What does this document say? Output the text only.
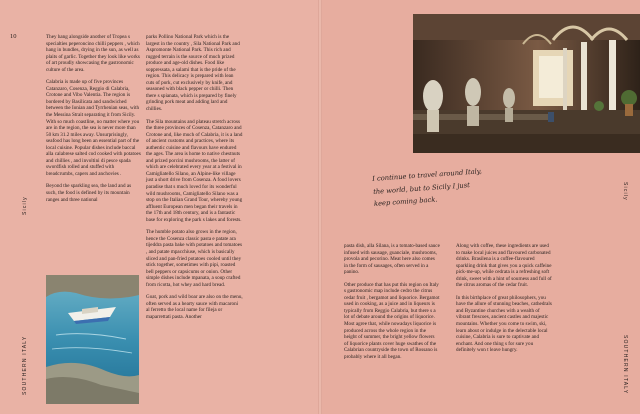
10
Sicily
SOUTHERN ITALY
Sicily
SOUTHERN ITALY

They hang alongside another of Tropea s specialties peperoncino chilli peppers , which hang in bundles, drying in the sun, as well as plaits of garlic. Together they look like works of art proudly showcasing the gastronomic culture of the area.

Calabria is made up of five provinces Catanzaro, Cosenza, Reggio di Calabria, Crotone and Vibo Valentia. The region is bordered by Basilicata and sandwiched between the Ionian and Tyrrhenian seas, with the Messina Strait separating it from Sicily. With so much coastline, no matter where you are in the region, the sea is never more than 50 km 31.2 miles away. Unsurprisingly, seafood has long been an essential part of the local cuisine. Popular dishes include baccal alla calabrese salted cod cooked with potatoes and chillies , and involtini di pesce spada swordfish rolled and stuffed with breadcrumbs, capers and anchovies .

Beyond the sparkling sea, the land and as such, the food is defined by its mountain ranges and three national

parks Pollino National Park which is the largest in the country , Sila National Park and Aspromonte National Park. This rich and rugged terrain is the source of much prized produce and age-old dishes. Food like soppressata, a salami that is the pride of the region. This delicacy is prepared with lean cuts of pork, cut exclusively by knife, and seasoned with black pepper or chilli. Then there s spianata, which is prepared by finely grinding pork meat and adding lard and chillies.

The Sila mountains and plateau stretch across the three provinces of Cosenza, Catanzaro and Crotone and, like much of Calabria, it is a land of ancient customs and practices, where its authentic cuisine and flavours have endured the ages. The area is home to native chestnuts and prized porcini mushrooms, the latter of which are celebrated every year at a festival in Camigliatello Silano, an Alpine-like village just a short drive from Cosenza. A food lovers paradise that s much loved for its wonderful wild mushrooms, Camigliatello Silano was a stop on the Italian Grand Tour, whereby young affluent European men began their travels in the 17th and 18th century, and is a fantastic base for exploring the park s lakes and forests.

The humble potato also grows in the region, hence the Cosenza classic pasta e patate ara tijeddra pasta bake with potatoes and tomatoes , and patate mpacchiuse, which is basically sliced and pan-fried potatoes cooled until they stick together, sometimes with pipi, roasted bell peppers or capsicums or onion. Other simple dishes include mpanata, a soup crafted from ricotta, hot whey and hard bread.

Goat, pork and wild boar are also on the menu, often served as a hearty sauce with macaroni al ferretto the local name for fileja or maparrettati pasta. Another

pasta dish, alla Silana, is a tomato-based sauce infused with sausage, guanciale, mushrooms, provola and pecorino. Meat here also comes in the form of sausages, often served in a panino.

Other produce that has put this region on Italy s gastronomic map include cedro the citrus cedar fruit , bergamot and liquorice. Bergamot used in cooking, as a juice and in liqueurs is typically from Reggio Calabria, but there s a lot of debate around the origins of liquorice. Most agree that, while nowadays liquorice is produced across the whole region in the height of summer, the bright yellow flowers of liquorice plants cover huge swathes of the Calabrian countryside the town of Rossano is probably where it all began.

Along with coffee, these ingredients are used to make local juices and flavoured carbonated drinks. Brasilena is a coffee-flavoured sparkling drink that gives you a quick caffeine pick-me-up, while cedrata is a refreshing soft drink, sweet with a hint of sourness and full of the citrus aromas of the cedar fruit.

In this birthplace of great philosophers, you have the allure of stunning beaches, cathedrals and Byzantine churches with a wealth of vibrant frescoes, ancient castles and majestic mountains. Whether you come to swim, ski, learn about or indulge in the delectable local cuisine, Calabria is sure to captivate and enchant. And one thing s for sure you definitely won t leave hungry.

I continue to travel around Italy,
the world, but to Sicily I just
keep coming back.
